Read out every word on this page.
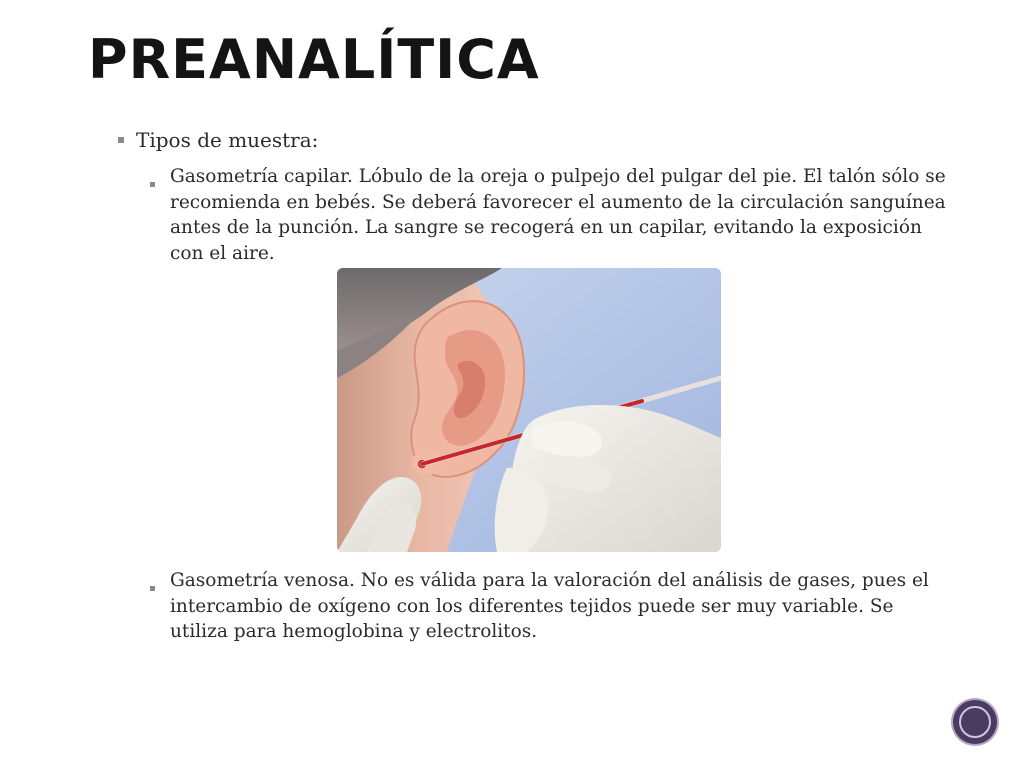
PREANALÍTICA
Tipos de muestra:
Gasometría capilar. Lóbulo de la oreja o pulpejo del pulgar del pie. El talón sólo se recomienda en bebés. Se deberá favorecer el aumento de la circulación sanguínea antes de la punción. La sangre se recogerá en un capilar, evitando la exposición con el aire.
Gasometría venosa. No es válida para la valoración del análisis de gases, pues el intercambio de oxígeno con los diferentes tejidos puede ser muy variable. Se utiliza para hemoglobina y electrolitos.
